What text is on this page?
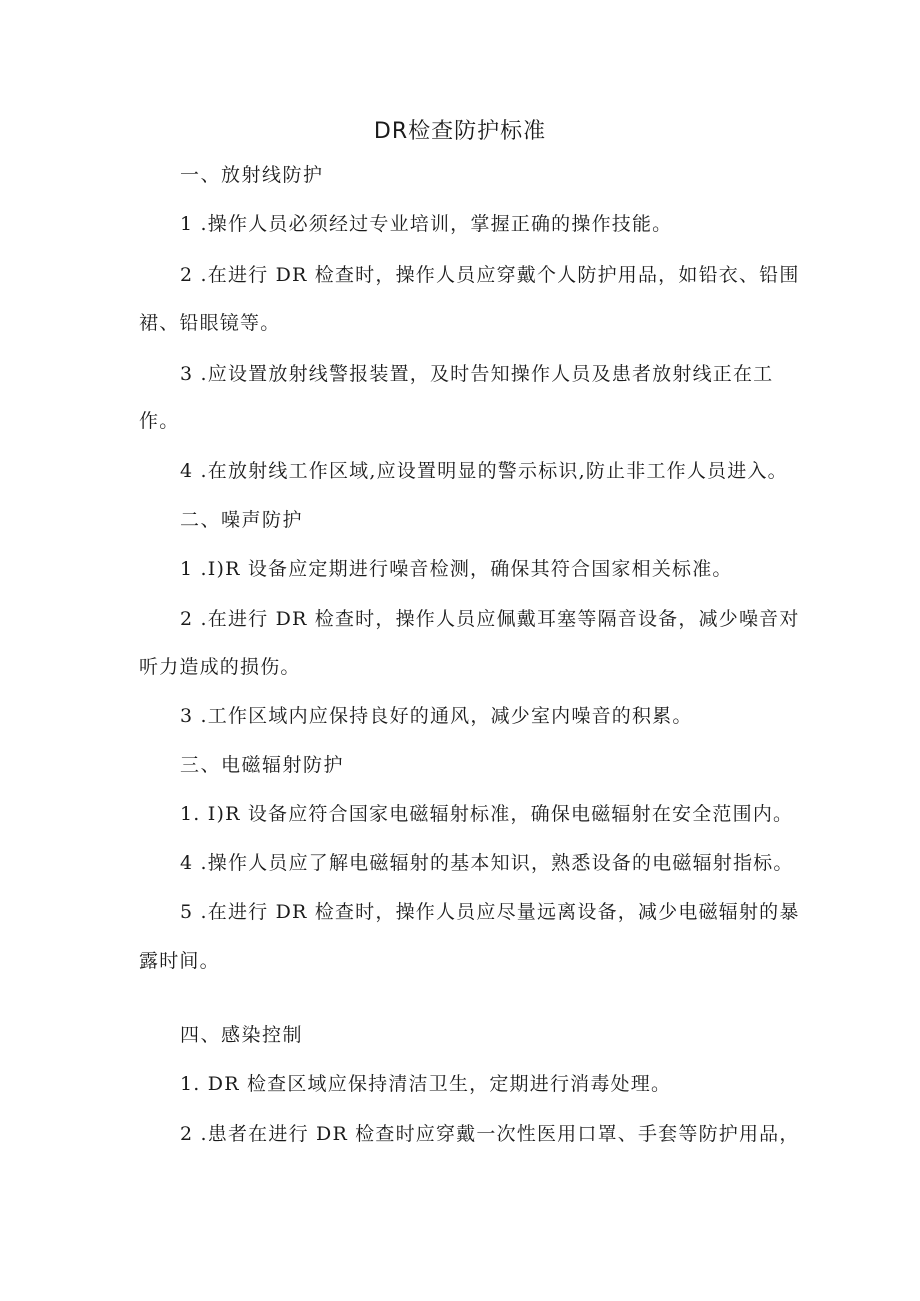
DR检查防护标准
一、放射线防护
1 .操作人员必须经过专业培训，掌握正确的操作技能。
2 .在进行 DR 检查时，操作人员应穿戴个人防护用品，如铅衣、铅围
裙、铅眼镜等。
3 .应设置放射线警报装置，及时告知操作人员及患者放射线正在工
作。
4 .在放射线工作区域,应设置明显的警示标识,防止非工作人员进入。
二、噪声防护
1 .I)R 设备应定期进行噪音检测，确保其符合国家相关标准。
2 .在进行 DR 检查时，操作人员应佩戴耳塞等隔音设备，减少噪音对
听力造成的损伤。
3 .工作区域内应保持良好的通风，减少室内噪音的积累。
三、电磁辐射防护
1. I)R 设备应符合国家电磁辐射标准，确保电磁辐射在安全范围内。
4 .操作人员应了解电磁辐射的基本知识，熟悉设备的电磁辐射指标。
5 .在进行 DR 检查时，操作人员应尽量远离设备，减少电磁辐射的暴
露时间。
四、感染控制
1. DR 检查区域应保持清洁卫生，定期进行消毒处理。
2 .患者在进行 DR 检查时应穿戴一次性医用口罩、手套等防护用品，
